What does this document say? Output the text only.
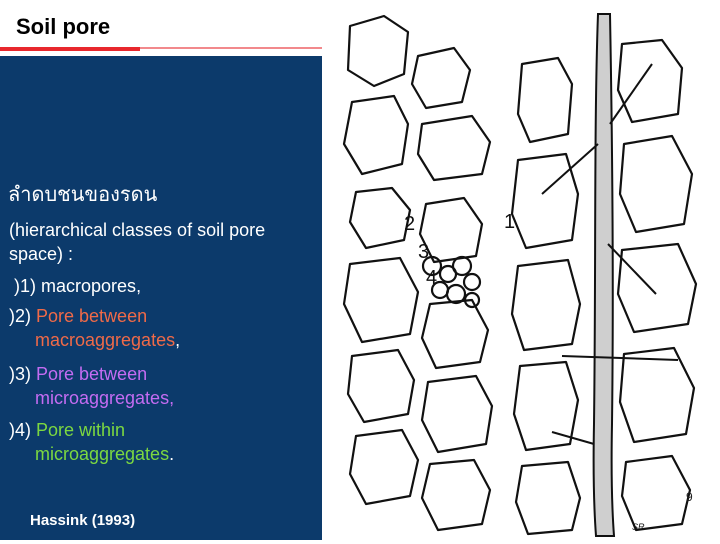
Soil pore
ลำดบชนของรดน
(hierarchical classes of soil pore space) :
)1) macropores,
)2) Pore between
macroaggregates,
)3) Pore between
microaggregates,
)4) Pore within
microaggregates.
Hassink (1993)
1
2
3
4
SR
9
